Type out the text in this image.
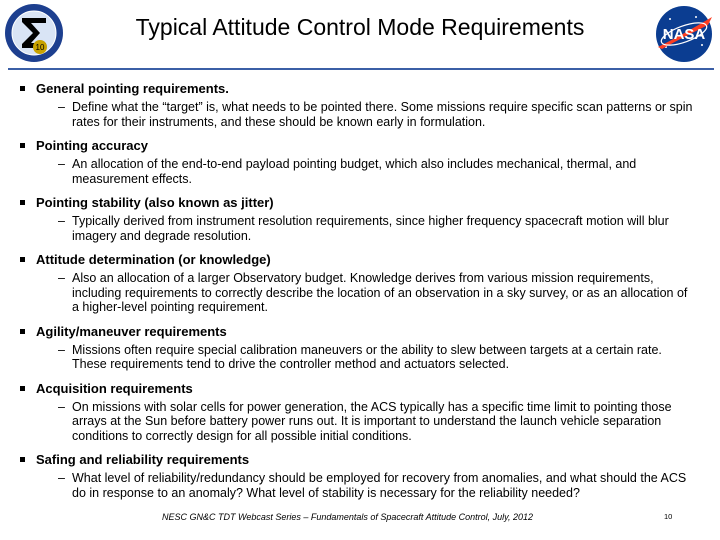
10
Typical Attitude Control Mode Requirements	NASA
General pointing requirements.
– Define what the “target” is, what needs to be pointed there. Some missions require specific scan patterns or spin rates for their instruments, and these should be known early in formulation.
Pointing accuracy
– An allocation of the end-to-end payload pointing budget, which also includes mechanical, thermal, and measurement effects.
Pointing stability (also known as jitter)
– Typically derived from instrument resolution requirements, since higher frequency spacecraft motion will blur imagery and degrade resolution.
Attitude determination (or knowledge)
– Also an allocation of a larger Observatory budget. Knowledge derives from various mission requirements, including requirements to correctly describe the location of an observation in a sky survey, or as an allocation of a higher-level pointing requirement.
Agility/maneuver requirements
– Missions often require special calibration maneuvers or the ability to slew between targets at a certain rate. These requirements tend to drive the controller method and actuators selected.
Acquisition requirements
– On missions with solar cells for power generation, the ACS typically has a specific time limit to pointing those arrays at the Sun before battery power runs out. It is important to understand the launch vehicle separation conditions to correctly design for all possible initial conditions.
Safing and reliability requirements
– What level of reliability/redundancy should be employed for recovery from anomalies, and what should the ACS do in response to an anomaly? What level of stability is necessary for the reliability needed?
NESC GN&C TDT Webcast Series – Fundamentals of Spacecraft Attitude Control, July, 2012	10
